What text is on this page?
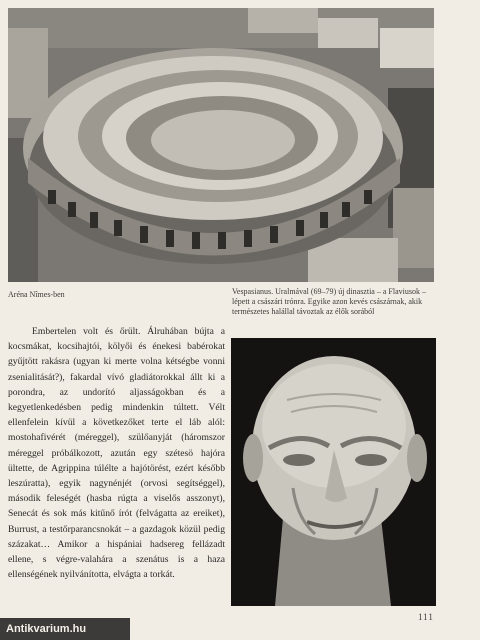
Aréna Nîmes-ben	Vespasianus. Uralmával (69–79) új dinasztia – a Flaviusok – lépett a császári trónra. Egyike azon kevés császárnak, akik természetes halállal távoztak az élők sorából

Embertelen volt és őrült. Álruhában bújta a kocsmákat, kocsihajtói, kölyői és énekesi babérokat gyűjtött rakásra (ugyan ki merte volna kétségbe vonni zsenialitását?), fakardal vívó gladiátorokkal állt ki a porondra, az undorító aljasságokban és a kegyetlenkedésben pedig mindenkin túltett. Vélt ellenfelein kívül a következőket terte el láb alól: mostohafivérét (méreggel), szülőanyját (háromszor méreggel próbálkozott, azután egy szétesö hajóra ültette, de Agrippina túlélte a hajótörést, ezért később leszúratta), egyik nagynénjét (orvosi segítséggel), második feleségét (hasba rúgta a viselős asszonyt), Senecát és sok más kitűnő írót (felvágatta az ereiket), Burrust, a testőrparancsnokát – a gazdagok közül pedig százakat… Amikor a hispániai hadsereg fellázadt ellene, s végre-valahára a szenátus is a haza ellenségének nyilvánította, elvágta a torkát.

111
Antikvarium.hu
